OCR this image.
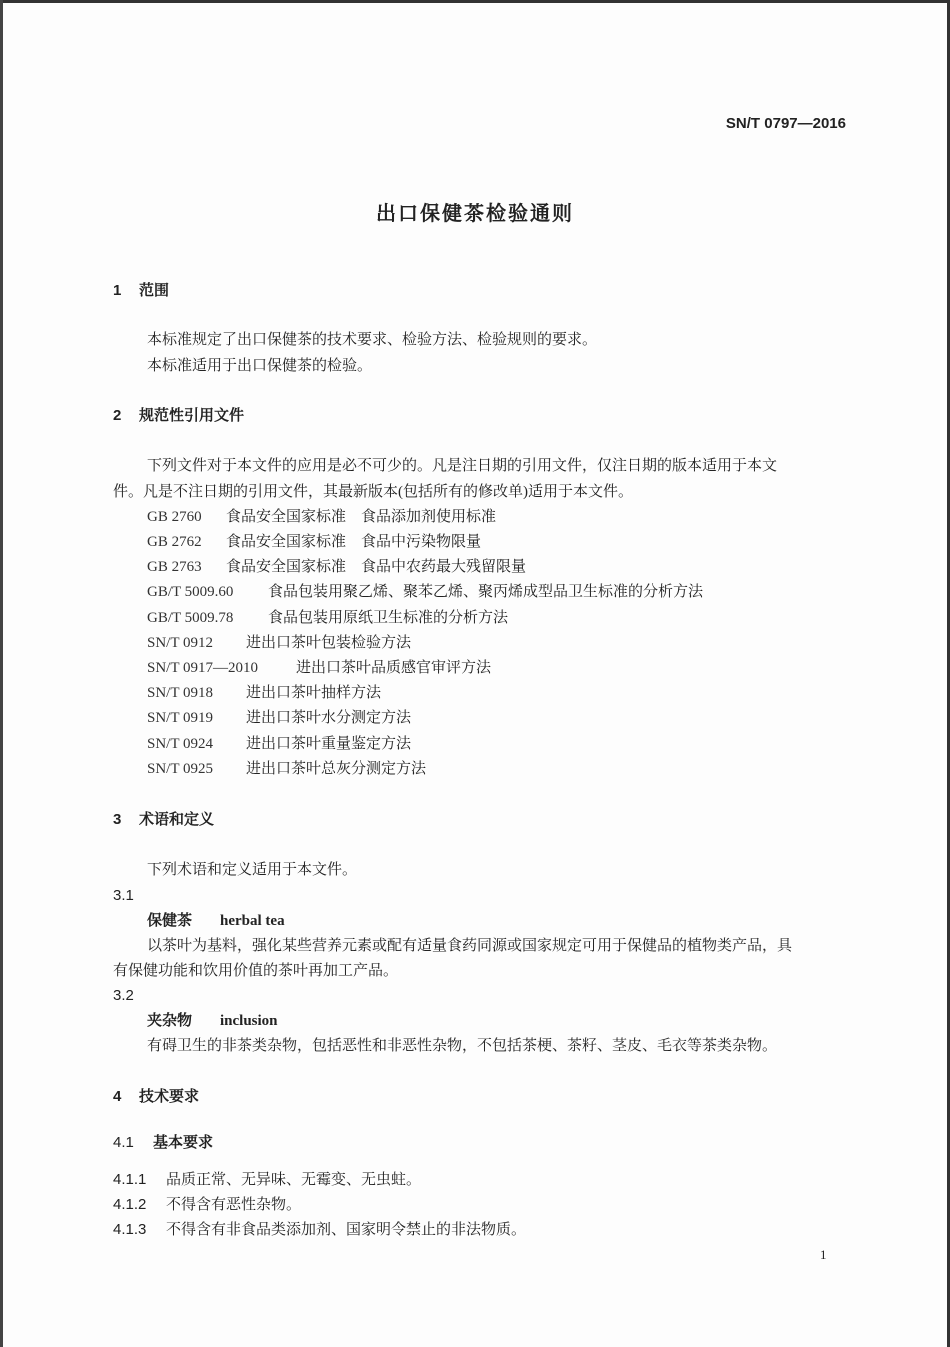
SN/T 0797—2016
出口保健茶检验通则
1 范围
本标准规定了出口保健茶的技术要求、检验方法、检验规则的要求。
本标准适用于出口保健茶的检验。
2 规范性引用文件
下列文件对于本文件的应用是必不可少的。凡是注日期的引用文件，仅注日期的版本适用于本文
件。凡是不注日期的引用文件，其最新版本(包括所有的修改单)适用于本文件。
GB 2760 食品安全国家标准　食品添加剂使用标准
GB 2762 食品安全国家标准　食品中污染物限量
GB 2763 食品安全国家标准　食品中农药最大残留限量
GB/T 5009.60 食品包装用聚乙烯、聚苯乙烯、聚丙烯成型品卫生标准的分析方法
GB/T 5009.78 食品包装用原纸卫生标准的分析方法
SN/T 0912 进出口茶叶包装检验方法
SN/T 0917—2010	进出口茶叶品质感官审评方法
SN/T 0918 进出口茶叶抽样方法
SN/T 0919 进出口茶叶水分测定方法
SN/T 0924 进出口茶叶重量鉴定方法
SN/T 0925 进出口茶叶总灰分测定方法
3 术语和定义
下列术语和定义适用于本文件。
3.1
保健茶 herbal tea
以茶叶为基料，强化某些营养元素或配有适量食药同源或国家规定可用于保健品的植物类产品，具
有保健功能和饮用价值的茶叶再加工产品。
3.2
夹杂物 inclusion
有碍卫生的非茶类杂物，包括恶性和非恶性杂物，不包括茶梗、茶籽、茎皮、毛衣等茶类杂物。
4 技术要求
4.1 基本要求
4.1.1 品质正常、无异味、无霉变、无虫蛀。
4.1.2 不得含有恶性杂物。
4.1.3 不得含有非食品类添加剂、国家明令禁止的非法物质。
1
